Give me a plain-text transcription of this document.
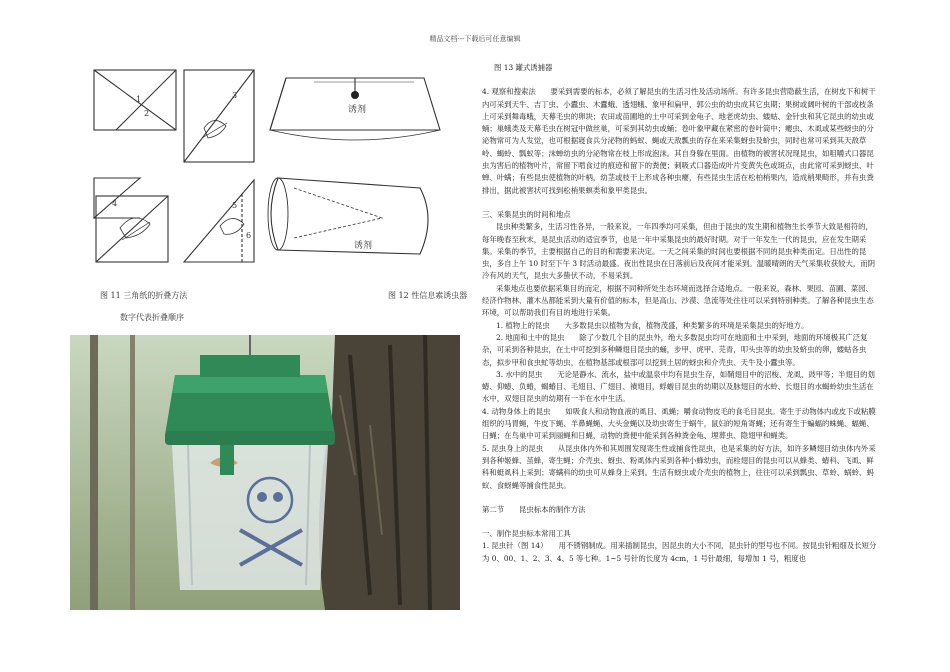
精品文档---下载后可任意编辑
1
2
3
4	5
6
诱剂
诱剂
图 11 三角纸的折叠方法	图 12 性信息素诱虫器
数字代表折叠顺序

图 13 罐式诱捕器

4. 观察和搜索法　　要采到需要的标本，必须了解昆虫的生活习性及活动场所。有许多昆虫营隐蔽生活，在树皮下和树干内可采到天牛、吉丁虫、小蠹虫、木蠹蛾、透翅蛾、象甲和扁甲、郭公虫的幼虫成其它虫期；果树或阔叶树的干部或枝条上可采到舞毒蛾，天幕毛虫的卵块；农田或苗圃地的土中可采到金龟子、地老虎幼虫、蝼蛄、金针虫和其它昆虫的幼虫或蛹；巢蛾类及天幕毛虫在树冠中做丝巢，可采到其幼虫或蛹；卷叶象甲藏在紧密的卷叶筒中；瘿虫、木虱或某些蚜虫的分泌物常可为人发觉，也可根据寝食兵分泌物的蚂蚁、蝇或天敌瓢虫的存在来采集蚜虫及蚧虫，同时也常可采到其天敌草岭、蝎蛉、瓢蚁等；沫蝉幼虫的分泌物常在枝上形成泡沫。其自身躲在里面。由植物的被害状况现昆虫，如咀嚼式口器昆虫为害后的植物叶片，常留下啃食过的痕迹和留下的粪便；刺吸式口器造成叶片变黄失色或斑点，由此常可采到蚜虫、叶蝉、叶螨；有些昆虫使植物的叶柄，幼茎或枝干上形成各种虫瘿，有些昆虫生活在松柏梢果内，造成梢果畸形，并有虫粪排出，据此被害状可找到松梢果螟类和象甲类昆虫。

三、采集昆虫的时间和地点

昆虫种类繁多，生活习性各异，一般来说，一年四季均可采集，但由于昆虫的发生期和植物生长季节大致是相符的，每年晚春至秋末，是昆虫活动的适宜季节，也是一年中采集昆虫的最好时期。对于一年发生一代的昆虫，应在发生期采集。采集的季节，主要根据自己的目的和需要来决定。一天之间采集的时间也要根据不同的昆虫种类而定。日出性的昆虫，多自上午 10 时至下午 3 时活动最盛。夜出性昆虫在日落前后及夜间才能采到。温暖晴朗的天气采集收获较大，而阴冷有风的天气，昆虫大多蛰伏不动，不易采到。

采集地点也要依据采集目的而定，根据不同种所处生态环境而选择合适地点。一般来说，森林、果园、苗圃、菜园、经济作物林、灌木丛都能采到大量有价值的标本，但是高山、沙漠、急流等处往往可以采到特别种类。了解各种昆虫生态环境，可以帮助我们有目的地进行采集。

1. 植物上的昆虫　　大多数昆虫以植物为食，植物茂盛，种类繁多的环境是采集昆虫的好地方。

2. 地面和土中的昆虫　　除了少数几个目的昆虫外，绝大多数昆虫均可在地面和土中采到，地面的环境极其广泛复杂，可采到各种昆虫，在土中可挖到多种鳞翅目昆虫的蛹，步甲、虎甲、芫青，叩头虫等的幼虫及蛴虫的卵，蝼蛄各虫态，拟步甲和食虫虻等幼虫，在植物基部或根部可以挖到土居的蚜虫和介壳虫、天牛及小蠹虫等。

3. 水中的昆虫　　无论是静水、流水，盐中或温泉中均有昆虫生存，如鞘翅目中的沼梭、龙虱、豉甲等；半翅目的划蝽、仰蝽、负蝽，蝎蝽目、毛翅目、广翅目、襀翅目，蜉蝣目昆虫的幼期以及脉翅目的水蛉、长翅目的水蝎蛉幼虫生活在水中，双翅目昆虫的幼期有一半在水中生活。

4. 动物身体上的昆虫　　如吸食人和动物血液的虱目、虱蝇；嚼食动物皮毛的食毛目昆虫。寄生于动物体内或皮下或粘膜组织的马胃蝇，牛皮下蝇、羊鼻蝇蝇、大头金蝇以及幼虫寄生于蜗牛，鼠妇的短角寄蝇；还有寄生于蝙蝠的蛛蝇、蝠蝇、日蝇；在鸟巢中可采到丽蝇和日蝇，动物的粪便中能采到各种粪金龟、埋葬虫、隐翅甲和蝇类。

5. 昆虫身上的昆虫　　从昆虫体内外和其周围发现寄生性或捕食性昆虫，也是采集的好方法，如许多鳞翅目幼虫体内外采到各种姬蜂、茧蜂，寄生蝇；介壳虫、蚜虫、粉虱体内采到各种小蜂幼虫，而栓翅目的昆虫可以从蜂类、蝽科、飞虱、鲜科和蜓虱科上采到；寄螨科的幼虫可从蜂身上采到。生活有蚜虫或介壳虫的植物上，往往可以采到瓢虫、草蛉、蜗蛉、蚂蚁、食蚜蝇等捕食性昆虫。

第二节　　昆虫标本的制作方法

一、制作昆虫标本常用工具

1. 昆虫针（图 14）　　用不锈钢制成。用来插制昆虫，因昆虫的大小不同，昆虫针的型号也不同。按昆虫针粗细及长短分为 0、00、1、2、3、4、5 等七种。1~5 号针的长度为 4cm，1 号针最细，每增加 1 号，粗度也
